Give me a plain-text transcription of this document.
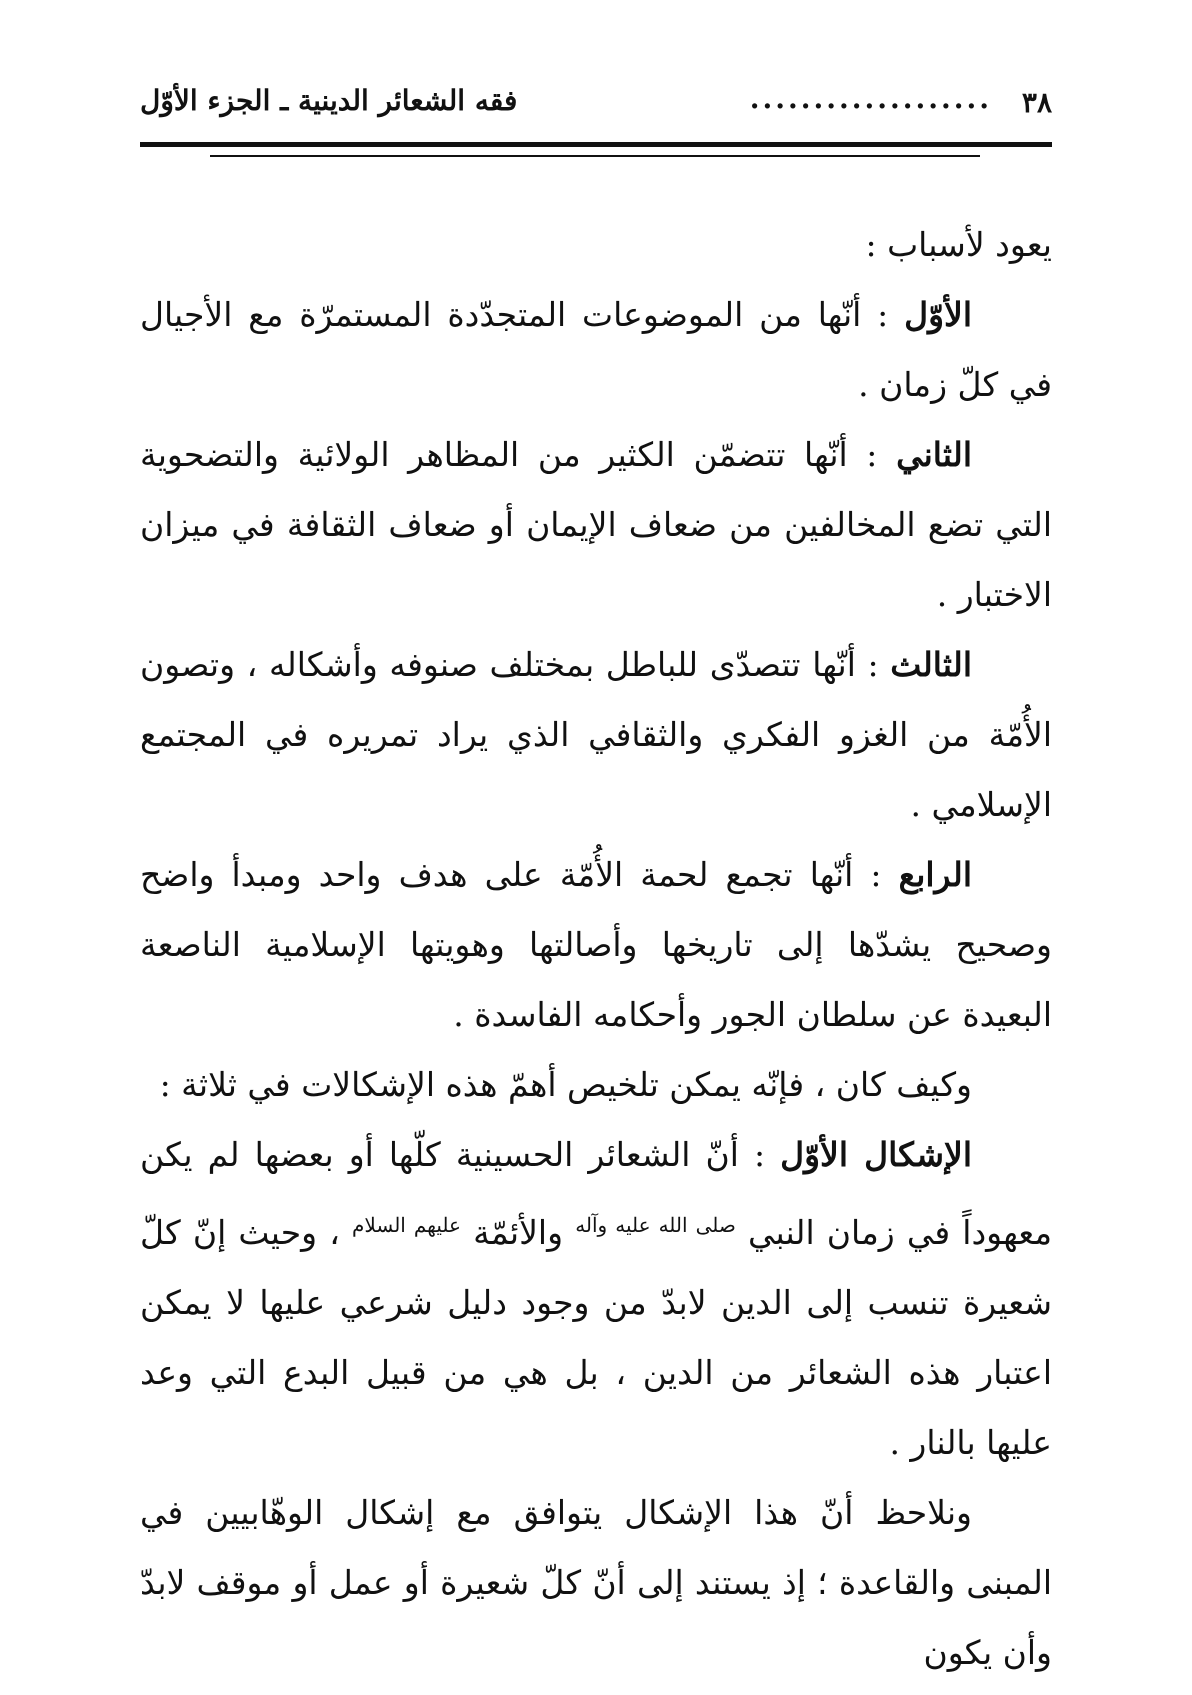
٣٨
...................
فقه الشعائر الدينية ـ الجزء الأوّل

يعود لأسباب :

الأوّل : أنّها من الموضوعات المتجدّدة المستمرّة مع الأجيال في كلّ زمان .

الثاني : أنّها تتضمّن الكثير من المظاهر الولائية والتضحوية التي تضع المخالفين من ضعاف الإيمان أو ضعاف الثقافة في ميزان الاختبار .

الثالث : أنّها تتصدّى للباطل بمختلف صنوفه وأشكاله ، وتصون الأُمّة من الغزو الفكري والثقافي الذي يراد تمريره في المجتمع الإسلامي .

الرابع : أنّها تجمع لحمة الأُمّة على هدف واحد ومبدأ واضح وصحيح يشدّها إلى تاريخها وأصالتها وهويتها الإسلامية الناصعة البعيدة عن سلطان الجور وأحكامه الفاسدة .

وكيف كان ، فإنّه يمكن تلخيص أهمّ هذه الإشكالات في ثلاثة :

الإشكال الأوّل : أنّ الشعائر الحسينية كلّها أو بعضها لم يكن معهوداً في زمان النبي $^{صلى الله عليه وآله}$ والأئمّة $^{عليهم السلام}$ ، وحيث إنّ كلّ شعيرة تنسب إلى الدين لابدّ من وجود دليل شرعي عليها لا يمكن اعتبار هذه الشعائر من الدين ، بل هي من قبيل البدع التي وعد عليها بالنار .

ونلاحظ أنّ هذا الإشكال يتوافق مع إشكال الوهّابيين في المبنى والقاعدة ؛ إذ يستند إلى أنّ كلّ شعيرة أو عمل أو موقف لابدّ وأن يكون
